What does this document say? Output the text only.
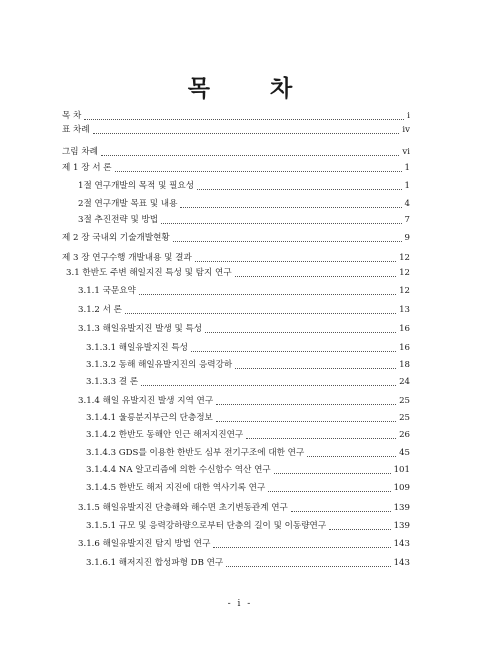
목 차
목 차	i
표 차례	iv
그림 차례	vi
제 1 장 서 론	1
1절 연구개발의 목적 및 필요성	1
2절 연구개발 목표 및 내용	4
3절 추진전략 및 방법	7
제 2 장 국내외 기술개발현황	9
제 3 장 연구수행 개발내용 및 결과	12
3.1 한반도 주변 해일지진 특성 및 탐지 연구	12
3.1.1 국문요약	12
3.1.2 서 론	13
3.1.3 해일유발지진 발생 및 특성	16
3.1.3.1 해일유발지진 특성	16
3.1.3.2 동해 해일유발지진의 응력강하	18
3.1.3.3 결 론	24
3.1.4 해일 유발지진 발생 지역 연구	25
3.1.4.1 울릉분지부근의 단층정보	25
3.1.4.2 한반도 동해안 인근 해저지진연구	26
3.1.4.3 GDS를 이용한 한반도 심부 전기구조에 대한 연구	45
3.1.4.4 NA 알고리즘에 의한 수신함수 역산 연구	101
3.1.4.5 한반도 해저 지진에 대한 역사기록 연구	109
3.1.5 해일유발지진 단층해와 해수면 초기변동관계 연구	139
3.1.5.1 규모 및 응력강하량으로부터 단층의 길이 및 이동량연구	139
3.1.6 해일유발지진 탐지 방법 연구	143
3.1.6.1 해저지진 합성파형 DB 연구	143
- i -
